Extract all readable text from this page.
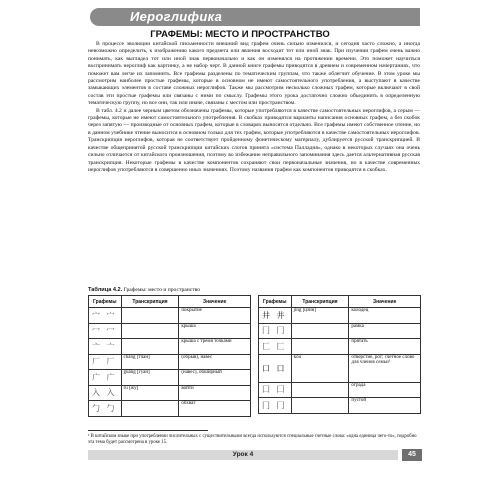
Иероглифика
ГРАФЕМЫ: МЕСТО И ПРОСТРАНСТВО

В процессе эволюции китайской письменности внешний вид графем очень сильно изменился, и сегодня часто сложно, а иногда невозможно определить, к изображению какого предмета или явления восходит тот или иной знак. При изучении графем очень важно понимать, как выглядел тот или иной знак первоначально и как он изменялся на протяжении времени. Это поможет научиться воспринимать иероглиф как картинку, а не набор черт. В данной книге графемы приводятся в древнем и современном начертаниях, что поможет вам легче их запомнить. Все графемы разделены по тематическим группам, что также облегчит обучение. В этом уроке мы рассмотрим наиболее простые графемы, которые в основном не имеют самостоятельного употребления, а выступают в качестве замыкающих элементов в составе сложных иероглифов. Также мы рассмотрим несколько сложных графем, которые включают в свой состав эти простые графемы или связаны с ними по смыслу. Графемы этого урока достаточно сложно объединить в определенную тематическую группу, но все они, так или иначе, связаны с местом или пространством.

В табл. 4.2 и далее черным цветом обозначены графемы, которые употребляются в качестве самостоятельных иероглифов, а серым — графемы, которые не имеют самостоятельного употребления. В скобках приводятся варианты написания основных графем, а без скобок через запятую — производные от основных графем, которые в словарях выносятся отдельно. Все графемы имеют собственное чтение, но в данном учебнике чтение выносится в основном только для тех графем, которые употребляются в качестве самостоятельных иероглифов. Транскрипция иероглифов, которая не соответствует пройденному фонетическому материалу, дублируется русской транскрипцией. В качестве общепринятой русской транскрипции китайских слогов принята «система Палладия», однако в некоторых случаях она очень сильно отличается от китайского произношения, поэтому во избежание неправильного запоминания здесь дается альтернативная русская транскрипция. Некоторые графемы в качестве компонентов сохраняют свои первоначальные значения, но в качестве современных иероглифов употребляются в совершенно иных значениях. Поэтому названия графем как компонентов приводятся в скобках.

Таблица 4.2. Графемы: место и пространство
Графемы	Транскрипция	Значение
宀 宀		покрытие
冖 冖		крыша
亠 亠		крыша с тремя точками
厂 厂	chǎng [тчан]	(обрыв), навес
广 广	guǎng [гуан]	(навес), обширный
入 入	rù [жу]	войти
勹 勹		обхват
Графемы	Транскрипция	Значение
井 井	jǐng [цзин]	колодец
冂 冂		рамка
匚 匚		прятать
口 口	kǒu	отверстие, рот; счетное слово для членов семьи¹
囗 囗		ограда
冂 冂		пустой
¹ В китайском языке при употреблении числительных с существительными всегда используются специальные счетные слова: «одна единица чего-то», подробно эта тема будет рассмотрена в уроке 15.
Урок 4	45
